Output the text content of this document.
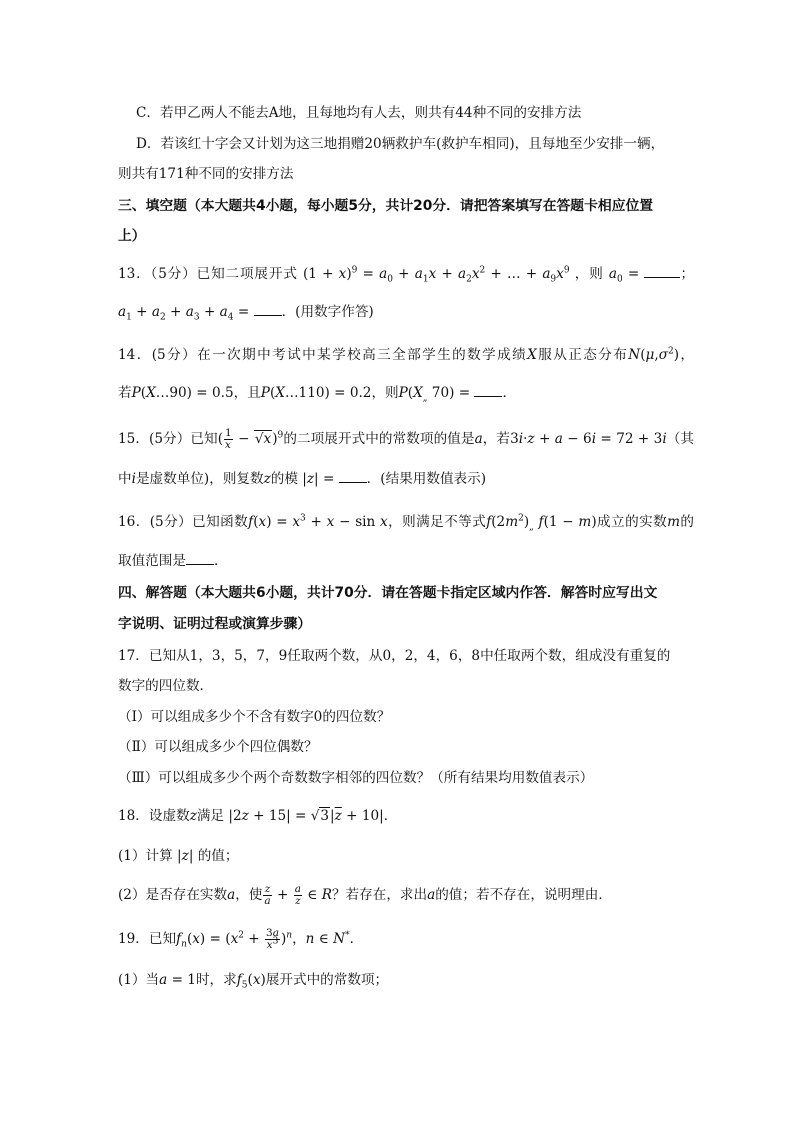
C．若甲乙两人不能去A地，且每地均有人去，则共有44种不同的安排方法
D．若该红十字会又计划为这三地捐赠20辆救护车(救护车相同)，且每地至少安排一辆，
则共有171种不同的安排方法
三、填空题（本大题共4小题，每小题5分，共计20分．请把答案填写在答题卡相应位置
上）
13．（5分）已知二项展开式 $(1 + x)^9 = a_0 + a_1x + a_2x^2$ + … + $a_9x^9$ ，则 $a_0$ =	；
$a_1 + a_2 + a_3 + a_4$ = ．(用数字作答)
14．(5分）在一次期中考试中某学校高三全部学生的数学成绩X服从正态分布$N(\mu,\sigma^2)$，
若P(X…90) = 0.5，且P(X…110) = 0.2，则$P(X_„$ 70) = ．
15．(5分）已知( $\frac{1}{x} - √x)^9$的二项展开式中的常数项的值是a，若3i·z + a − 6i = 72 + 3i（其
中i是虚数单位)，则复数z的模 |z| = ．(结果用数值表示)
16．(5分）已知函数$f(x) = x^3 + x - \sin x$，则满足不等式$f(2m^2)_„$ f(1 − m)成立的实数m的
取值范围是 ．
四、解答题（本大题共6小题，共计70分．请在答题卡指定区域内作答．解答时应写出文
字说明、证明过程或演算步骤）
17．已知从1，3，5，7，9任取两个数，从0，2，4，6，8中任取两个数，组成没有重复的
数字的四位数．
（Ⅰ）可以组成多少个不含有数字0的四位数？
（Ⅱ）可以组成多少个四位偶数？
（Ⅲ）可以组成多少个两个奇数数字相邻的四位数？（所有结果均用数值表示）
18．设虚数z满足 $|2z + 15| = √3|\overline{z} + 10|$．
(1）计算 |z| 的值；
(2）是否存在实数a，使 $\frac{z}{a} + \frac{a}{z}$ ∈ R？若存在，求出a的值；若不存在，说明理由．
19．已知$f_n(x) = (x^2 + \frac{3a}{x^3} )^n$，n ∈ N*．
(1）当a = 1时，求$f_5(x)$展开式中的常数项；
